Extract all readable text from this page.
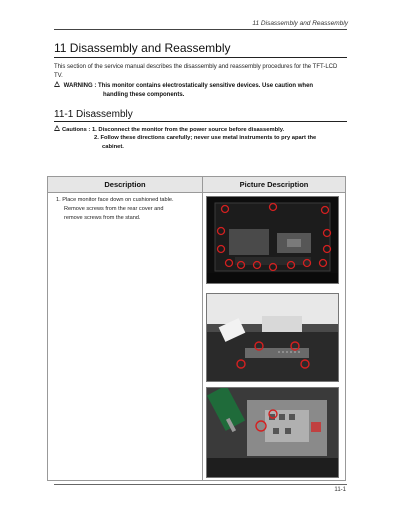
11 Disassembly and Reassembly
11 Disassembly and Reassembly
This section of the service manual describes the disassembly and reassembly procedures for the TFT-LCD TV.
WARNING : This monitor contains electrostatically sensitive devices. Use caution when
handling these components.
11-1 Disassembly
Cautions : 1. Disconnect the monitor from the power source before disassembly.
2. Follow these directions carefully; never use metal instruments to pry apart the
cabinet.
Description	Picture Description
1. Place monitor face down on cushioned table.
Remove screws from the rear cover and
remove screws from the stand.
11-1
